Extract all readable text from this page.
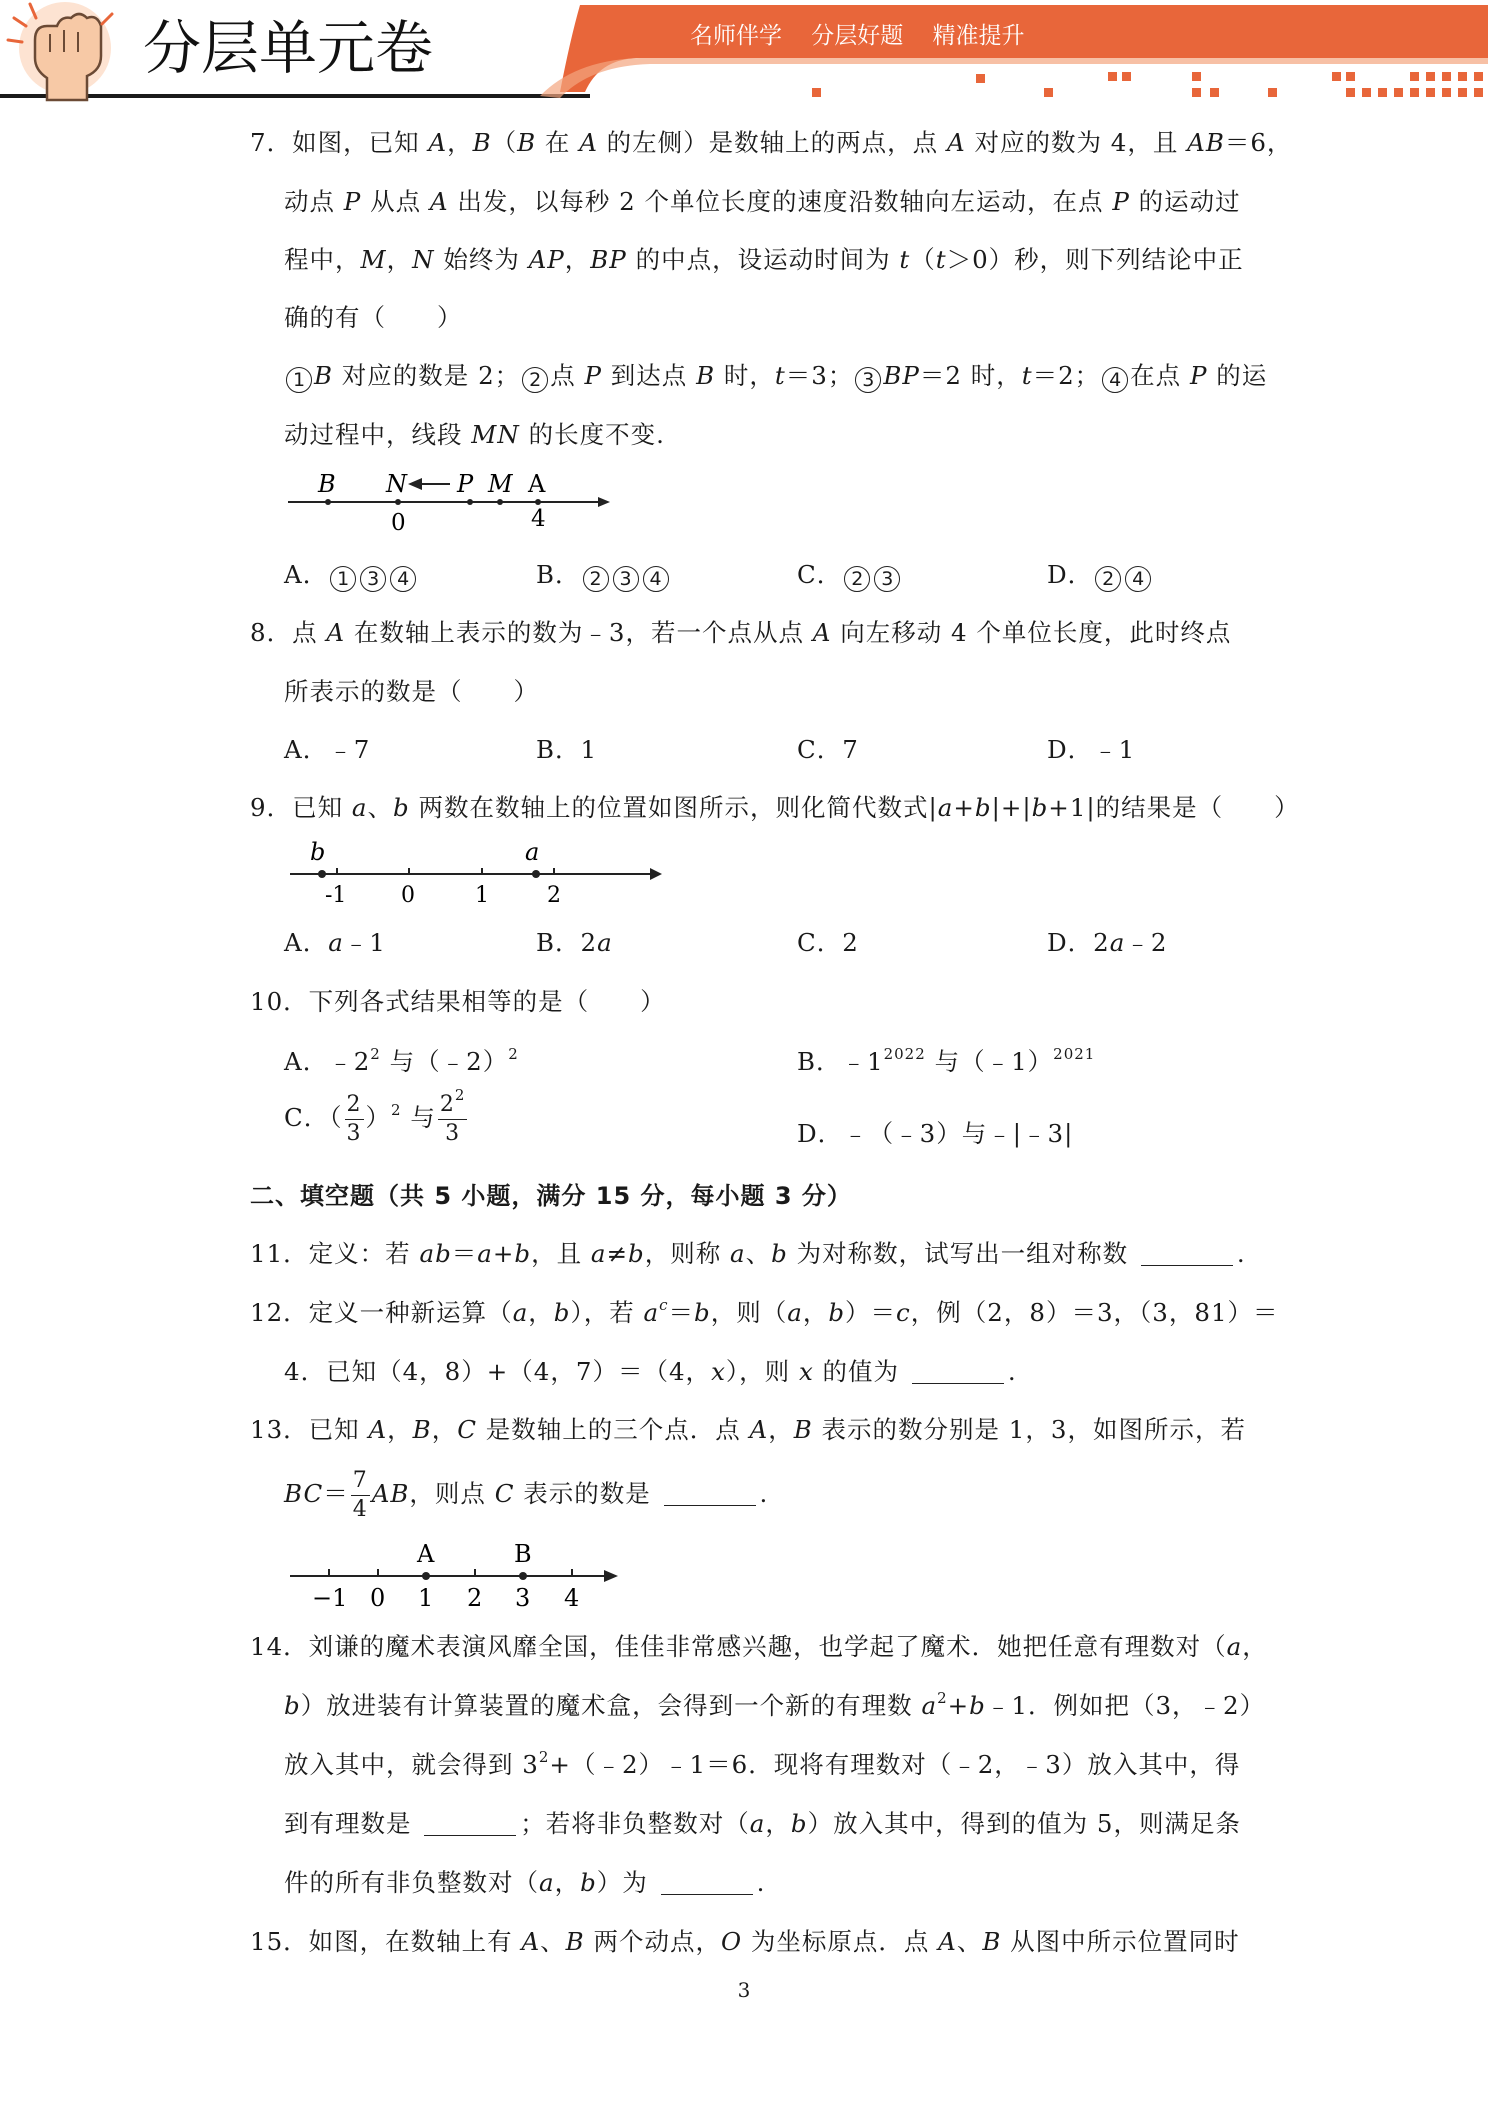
分层单元卷	名师伴学    分层好题    精准提升
7．如图，已知 A，B（B 在 A 的左侧）是数轴上的两点，点 A 对应的数为 4，且 AB＝6，
动点 P 从点 A 出发，以每秒 2 个单位长度的速度沿数轴向左运动，在点 P 的运动过
程中，M，N 始终为 AP，BP 的中点，设运动时间为 t（t＞0）秒，则下列结论中正
确的有（　　）
1 B 对应的数是 2； 2 点 P 到达点 B 时，t＝3； 3 BP＝2 时，t＝2； 4 在点 P 的运
动过程中，线段 MN 的长度不变.
B N P M A
0	4
A． 1 3 4	B． 2 3 4	C． 2 3	D． 2 4
8．点 A 在数轴上表示的数为﹣3，若一个点从点 A 向左移动 4 个单位长度，此时终点
所表示的数是（　　）
A．﹣7	B．1	C．7	D．﹣1
9．已知 a、b 两数在数轴上的位置如图所示，则化简代数式|a+b|+|b+1|的结果是（　　）
b	a
-1 0	1	2
A．a﹣1	B．2a	C．2	D．2a﹣2
10．下列各式结果相等的是（　　）
A．$﹣2^2$ 与（﹣2）$^2$	B．$﹣1^{2022}$ 与（﹣1）$^{2021}$
C．（ $\frac{2}{3} )^2$ 与 $\frac{2^2}{3}$	D．﹣（﹣3）与﹣|﹣3|
二、填空题（共 5 小题，满分 15 分，每小题 3 分）
11．定义：若 ab＝a+b，且 a≠b，则称 a、b 为对称数，试写出一组对称数	.
12．定义一种新运算（a，b），若 $a^c=b$，则（a，b）＝c，例（2，8）＝3，（3，81）＝
4．已知（4，8）+（4，7）＝（4，x），则 x 的值为	.
13．已知 A，B，C 是数轴上的三个点．点 A，B 表示的数分别是 1，3，如图所示，若
$BC= \frac{7}{4}$ AB，则点 C 表示的数是	.
A	B
−1 0 1 2 3 4
14．刘谦的魔术表演风靡全国，佳佳非常感兴趣，也学起了魔术．她把任意有理数对（a，
b）放进装有计算装置的魔术盒，会得到一个新的有理数 $a^2+b﹣1$．例如把（3，﹣2）
放入其中，就会得到 $3^2+(﹣2)﹣1=6$．现将有理数对（﹣2，﹣3）放入其中，得
到有理数是	；若将非负整数对（a，b）放入其中，得到的值为 5，则满足条
件的所有非负整数对（a，b）为	.
15．如图，在数轴上有 A、B 两个动点，O 为坐标原点．点 A、B 从图中所示位置同时
3
